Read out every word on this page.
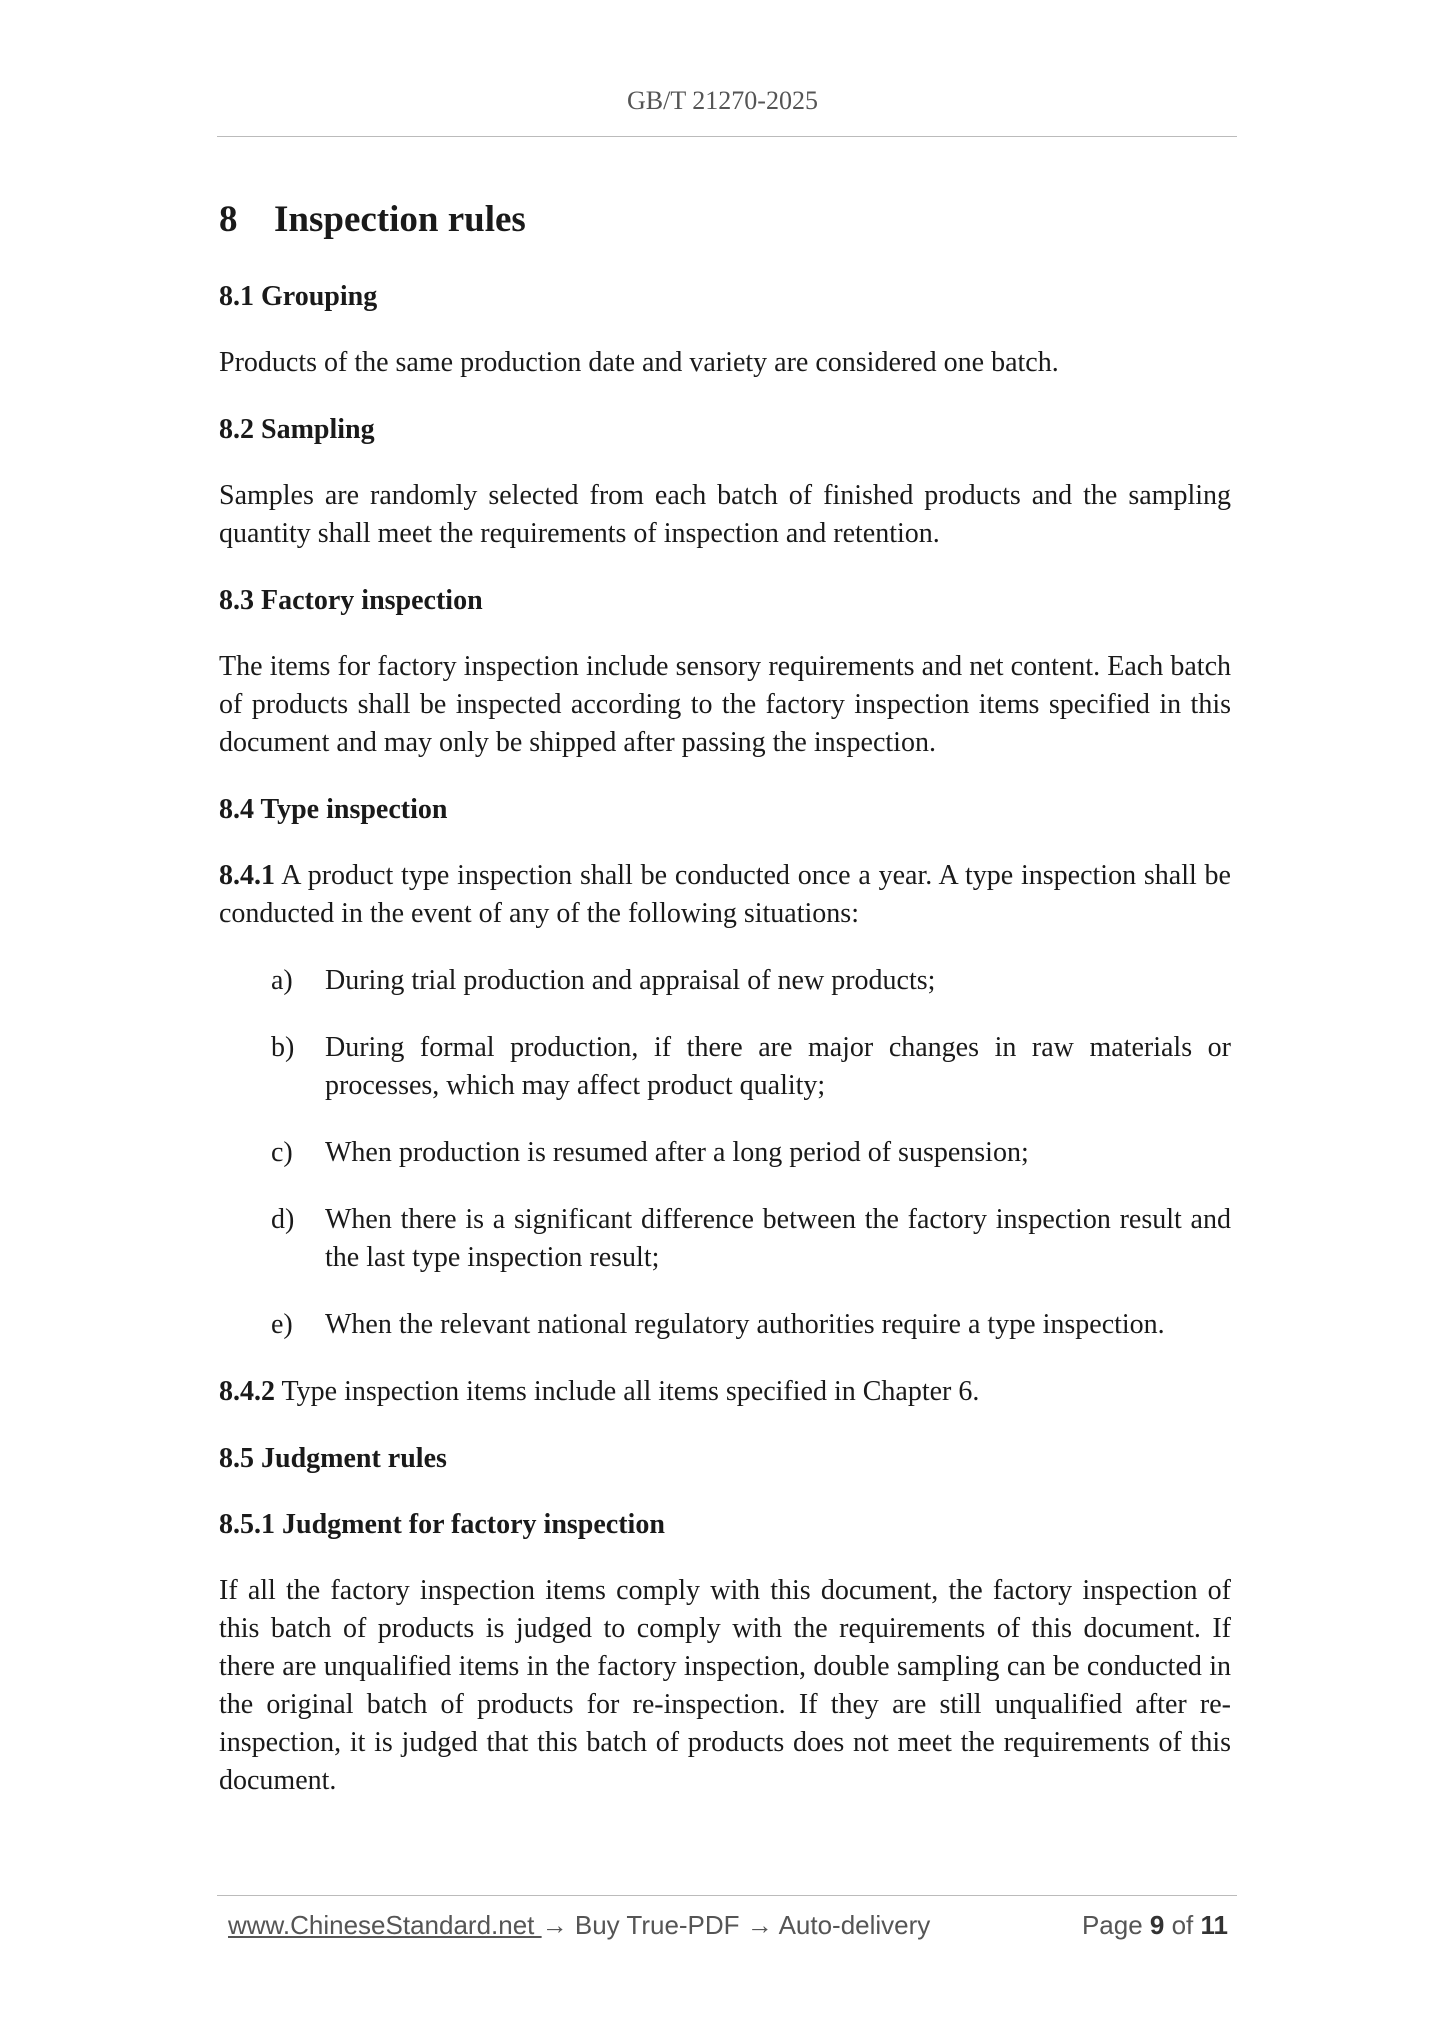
GB/T 21270-2025
8 Inspection rules
8.1 Grouping
Products of the same production date and variety are considered one batch.
8.2 Sampling
Samples are randomly selected from each batch of finished products and the sampling quantity shall meet the requirements of inspection and retention.
8.3 Factory inspection
The items for factory inspection include sensory requirements and net content. Each batch of products shall be inspected according to the factory inspection items specified in this document and may only be shipped after passing the inspection.
8.4 Type inspection
8.4.1 A product type inspection shall be conducted once a year. A type inspection shall be conducted in the event of any of the following situations:
a) During trial production and appraisal of new products;
b) During formal production, if there are major changes in raw materials or processes, which may affect product quality;
c) When production is resumed after a long period of suspension;
d) When there is a significant difference between the factory inspection result and the last type inspection result;
e) When the relevant national regulatory authorities require a type inspection.
8.4.2 Type inspection items include all items specified in Chapter 6.
8.5 Judgment rules
8.5.1 Judgment for factory inspection
If all the factory inspection items comply with this document, the factory inspection of this batch of products is judged to comply with the requirements of this document. If there are unqualified items in the factory inspection, double sampling can be conducted in the original batch of products for re-inspection. If they are still unqualified after re-inspection, it is judged that this batch of products does not meet the requirements of this document.
www.ChineseStandard.net → Buy True-PDF → Auto-delivery	Page 9 of 11
